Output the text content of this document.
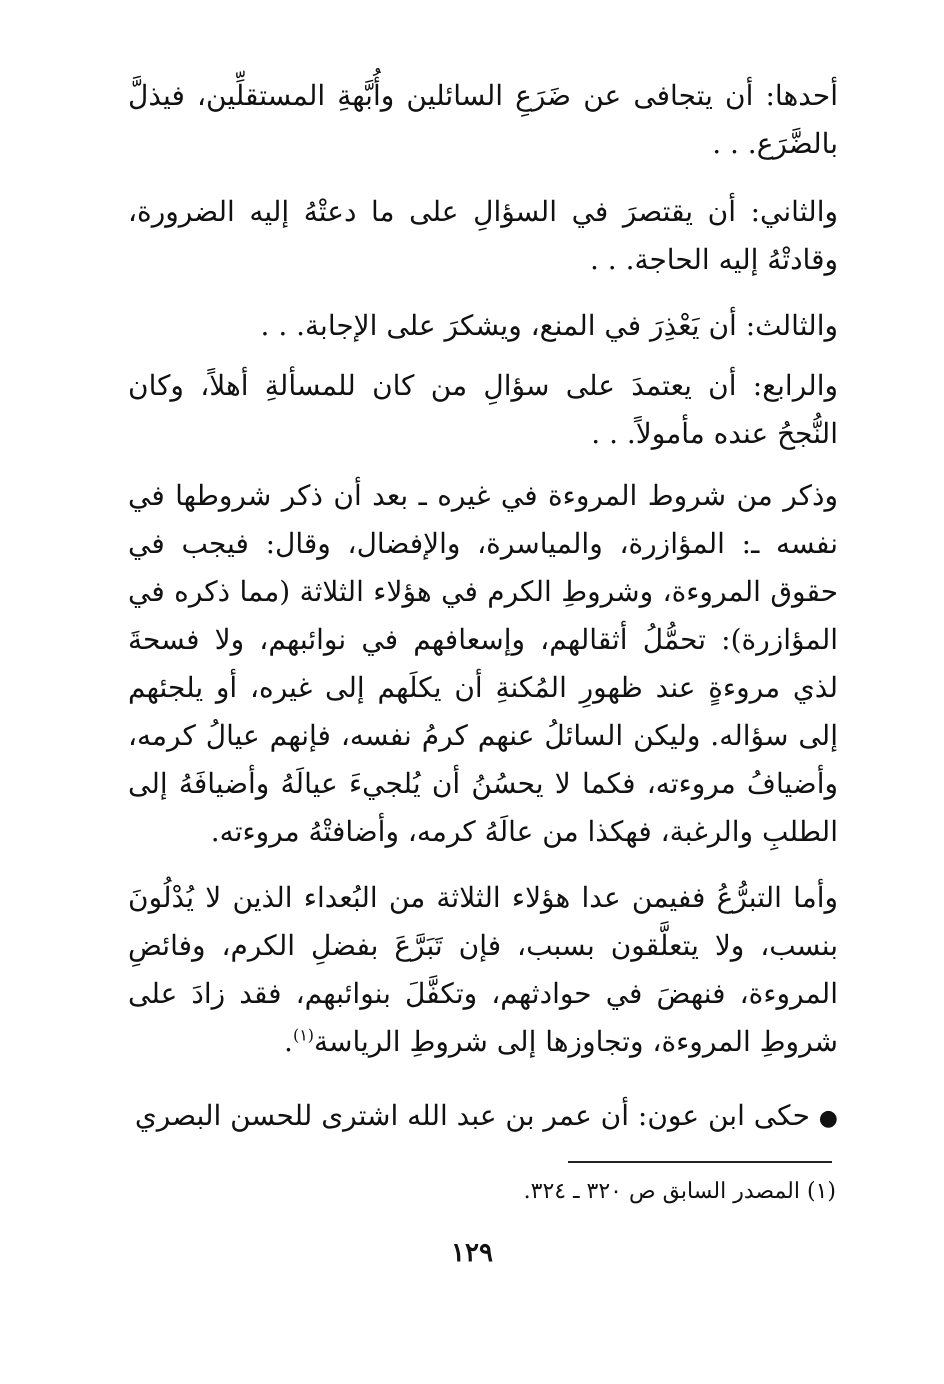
أحدها: أن يتجافى عن ضَرَعِ السائلين وأُبَّهةِ المستقلِّين، فيذلَّ بالضَّرَع. . .

والثاني: أن يقتصرَ في السؤالِ على ما دعتْهُ إليه الضرورة، وقادتْهُ إليه الحاجة. . .

والثالث: أن يَعْذِرَ في المنع، ويشكرَ على الإجابة. . .

والرابع: أن يعتمدَ على سؤالِ من كان للمسألةِ أهلاً، وكان النُّجحُ عنده مأمولاً. . .

وذكر من شروط المروءة في غيره ـ بعد أن ذكر شروطها في نفسه ـ: المؤازرة، والمياسرة، والإفضال، وقال: فيجب في حقوق المروءة، وشروطِ الكرم في هؤلاء الثلاثة (مما ذكره في المؤازرة): تحمُّلُ أثقالهم، وإسعافهم في نوائبهم، ولا فسحةَ لذي مروءةٍ عند ظهورِ المُكنةِ أن يكلَهم إلى غيره، أو يلجئهم إلى سؤاله. وليكن السائلُ عنهم كرمُ نفسه، فإنهم عيالُ كرمه، وأضيافُ مروءته، فكما لا يحسُنُ أن يُلجيءَ عيالَهُ وأضيافَهُ إلى الطلبِ والرغبة، فهكذا من عالَهُ كرمه، وأضافتْهُ مروءته.

وأما التبرُّعُ ففيمن عدا هؤلاء الثلاثة من البُعداء الذين لا يُدْلُونَ بنسب، ولا يتعلَّقون بسبب، فإن تَبَرَّعَ بفضلِ الكرم، وفائضِ المروءة، فنهضَ في حوادثهم، وتكفَّلَ بنوائبهم، فقد زادَ على شروطِ المروءة، وتجاوزها إلى شروطِ الرياسة$^{(١)}$.

● حكى ابن عون: أن عمر بن عبد الله اشترى للحسن البصري

(١) المصدر السابق ص ٣٢٠ ـ ٣٢٤.
١٢٩
